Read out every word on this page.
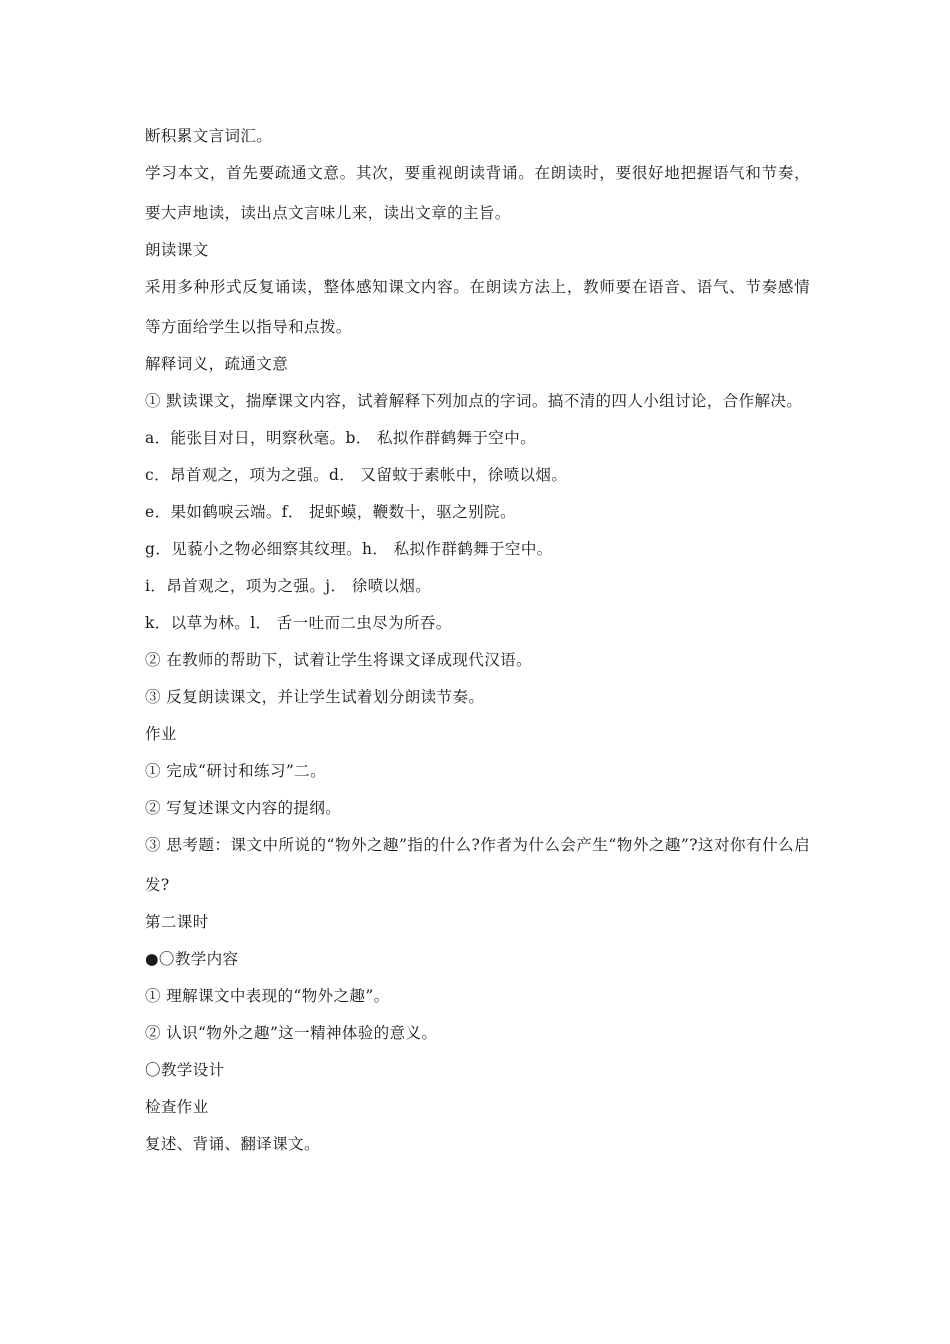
断积累文言词汇。
学习本文，首先要疏通文意。其次，要重视朗读背诵。在朗读时，要很好地把握语气和节奏，要大声地读，读出点文言味儿来，读出文章的主旨。
朗读课文
采用多种形式反复诵读，整体感知课文内容。在朗读方法上，教师要在语音、语气、节奏感情等方面给学生以指导和点拨。
解释词义，疏通文意
① 默读课文，揣摩课文内容，试着解释下列加点的字词。搞不清的四人小组讨论，合作解决。
a．能张目对日，明察秋毫。b． 私拟作群鹤舞于空中。
c．昂首观之，项为之强。d． 又留蚊于素帐中，徐喷以烟。
e．果如鹤唳云端。f． 捉虾蟆，鞭数十，驱之别院。
g．见藐小之物必细察其纹理。h． 私拟作群鹤舞于空中。
i．昂首观之，项为之强。j． 徐喷以烟。
k．以草为林。l． 舌一吐而二虫尽为所吞。
② 在教师的帮助下，试着让学生将课文译成现代汉语。
③ 反复朗读课文，并让学生试着划分朗读节奏。
作业
① 完成“研讨和练习”二。
② 写复述课文内容的提纲。
③ 思考题：课文中所说的“物外之趣”指的什么?作者为什么会产生“物外之趣”?这对你有什么启发?
第二课时
●〇教学内容
① 理解课文中表现的“物外之趣”。
② 认识“物外之趣”这一精神体验的意义。
〇教学设计
检查作业
复述、背诵、翻译课文。
